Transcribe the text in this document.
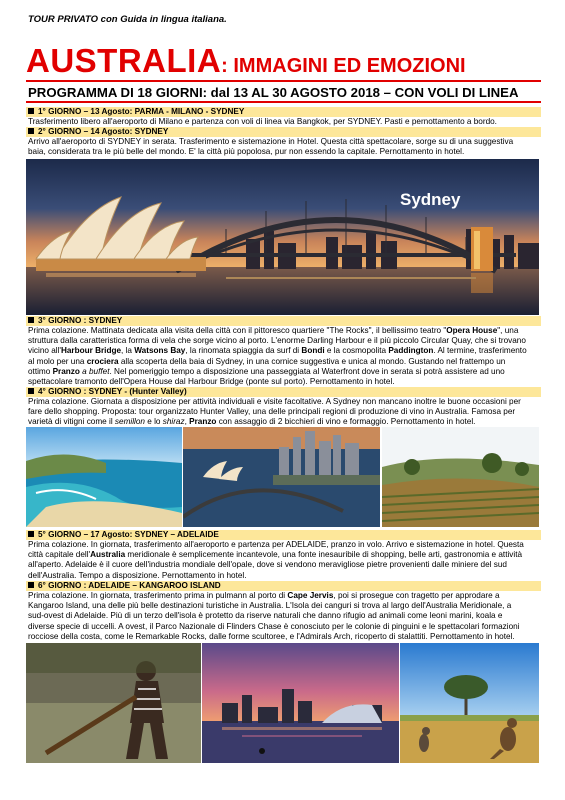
TOUR PRIVATO con Guida in lingua italiana.
AUSTRALIA: IMMAGINI ED EMOZIONI
PROGRAMMA DI 18 GIORNI: dal 13 AL 30 AGOSTO 2018 – CON VOLI DI LINEA
1° GIORNO – 13 Agosto: PARMA - MILANO - SYDNEY
Trasferimento libero all'aeroporto di Milano e partenza con voli di linea via Bangkok, per SYDNEY. Pasti e pernottamento a bordo.
2° GIORNO – 14 Agosto: SYDNEY
Arrivo all'aeroporto di SYDNEY in serata. Trasferimento e sistemazione in Hotel. Questa città spettacolare, sorge su di una suggestiva
baia, considerata tra le più belle del mondo. E' la città più popolosa, pur non essendo la capitale. Pernottamento in hotel.
Sydney
3° GIORNO : SYDNEY
Prima colazione. Mattinata dedicata alla visita della città con il pittoresco quartiere "The Rocks", il bellissimo teatro "Opera House", una
struttura dalla caratteristica forma di vela che sorge vicino al porto. L'enorme Darling Harbour e il più piccolo Circular Quay, che si trovano
vicino all'Harbour Bridge, la Watsons Bay, la rinomata spiaggia da surf di Bondi e la cosmopolita Paddington. Al termine, trasferimento
al molo per una crociera alla scoperta della baia di Sydney, in una cornice suggestiva e unica al mondo. Gustando nel frattempo un
ottimo Pranzo a buffet. Nel pomeriggio tempo a disposizione una passeggiata al Waterfront dove in serata si potrà assistere ad uno
spettacolare tramonto dell'Opera House dal Harbour Bridge (ponte sul porto). Pernottamento in hotel.
4° GIORNO : SYDNEY - (Hunter Valley)
Prima colazione. Giornata a disposizione per attività individuali e visite facoltative. A Sydney non mancano inoltre le buone occasioni per
fare dello shopping. Proposta: tour organizzato Hunter Valley, una delle principali regioni di produzione di vino in Australia. Famosa per
varietà di vitigni come il semillon e lo shiraz, Pranzo con assaggio di 2 bicchieri di vino e formaggio. Pernottamento in hotel.
5° GIORNO – 17 Agosto: SYDNEY – ADELAIDE
Prima colazione. In giornata, trasferimento all'aeroporto e partenza per ADELAIDE, pranzo in volo. Arrivo e sistemazione in hotel. Questa
città capitale dell'Australia meridionale è semplicemente incantevole, una fonte inesauribile di shopping, belle arti, gastronomia e attività
all'aperto. Adelaide è il cuore dell'industria mondiale dell'opale, dove si vendono meravigliose pietre provenienti dalle miniere del sud
dell'Australia. Tempo a disposizione. Pernottamento in hotel.
6° GIORNO : ADELAIDE – KANGAROO ISLAND
Prima colazione. In giornata, trasferimento prima in pulmann al porto di Cape Jervis, poi si prosegue con tragetto per approdare a
Kangaroo Island, una delle più belle destinazioni turistiche in Australia. L'Isola dei canguri si trova al largo dell'Australia Meridionale, a
sud-ovest di Adelaide. Più di un terzo dell'isola è protetto da riserve naturali che danno rifugio ad animali come leoni marini, koala e
diverse specie di uccelli. A ovest, il Parco Nazionale di Flinders Chase è conosciuto per le colonie di pinguini e le spettacolari formazioni
rocciose della costa, come le Remarkable Rocks, dalle forme scultoree, e l'Admirals Arch, ricoperto di stalattiti. Pernottamento in hotel.
